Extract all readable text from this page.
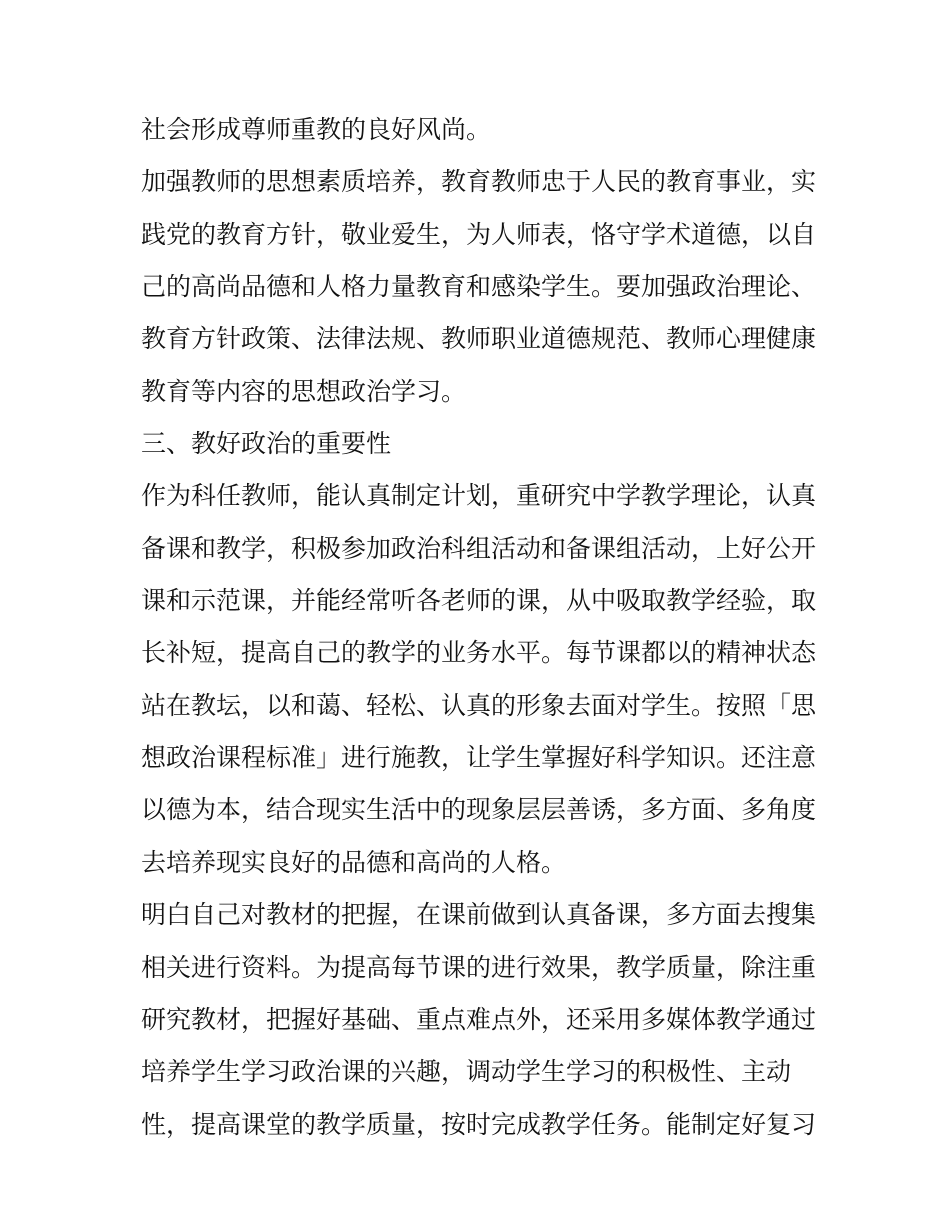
社会形成尊师重教的良好风尚。
加强教师的思想素质培养，教育教师忠于人民的教育事业，实
践党的教育方针，敬业爱生，为人师表，恪守学术道德，以自
己的高尚品德和人格力量教育和感染学生。要加强政治理论、
教育方针政策、法律法规、教师职业道德规范、教师心理健康
教育等内容的思想政治学习。
三、教好政治的重要性
作为科任教师，能认真制定计划，重研究中学教学理论，认真
备课和教学，积极参加政治科组活动和备课组活动，上好公开
课和示范课，并能经常听各老师的课，从中吸取教学经验，取
长补短，提高自己的教学的业务水平。每节课都以的精神状态
站在教坛，以和蔼、轻松、认真的形象去面对学生。按照「思
想政治课程标准」进行施教，让学生掌握好科学知识。还注意
以德为本，结合现实生活中的现象层层善诱，多方面、多角度
去培养现实良好的品德和高尚的人格。
明白自己对教材的把握，在课前做到认真备课，多方面去搜集
相关进行资料。为提高每节课的进行效果，教学质量，除注重
研究教材，把握好基础、重点难点外，还采用多媒体教学通过
培养学生学习政治课的兴趣，调动学生学习的积极性、主动
性，提高课堂的教学质量，按时完成教学任务。能制定好复习
